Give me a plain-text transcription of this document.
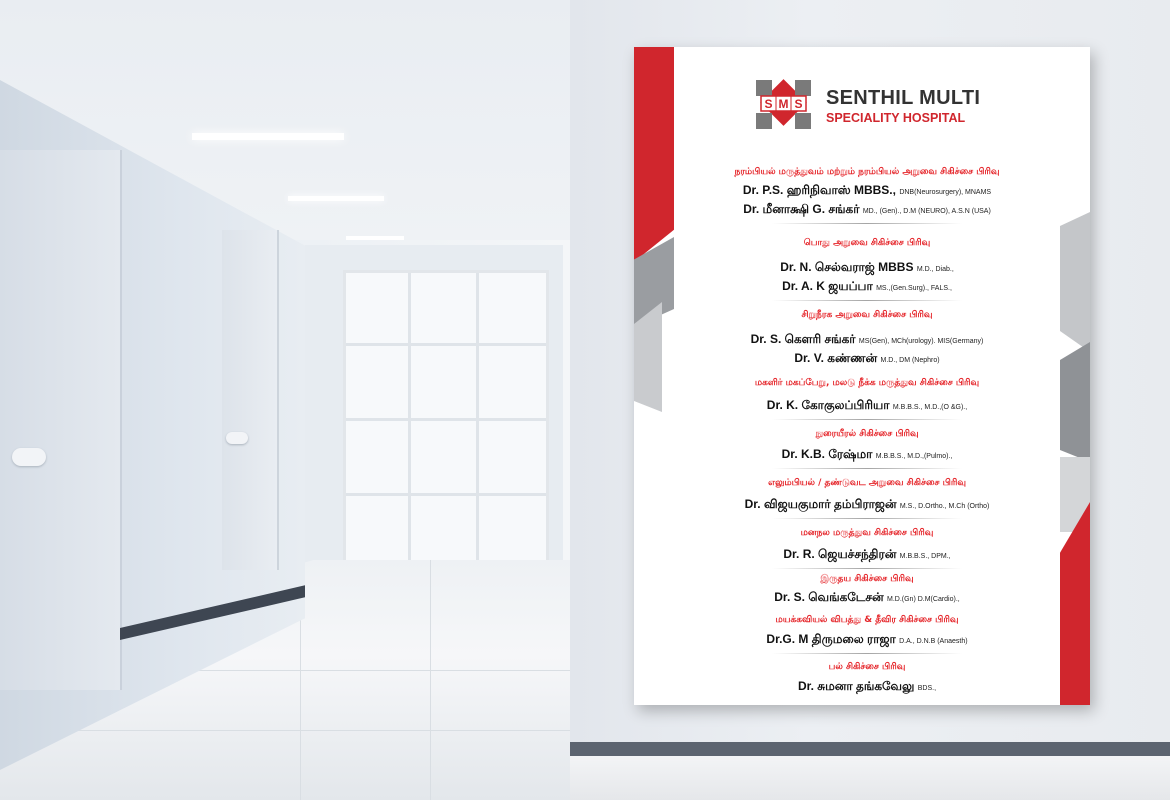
S M S SENTHIL MULTI
SPECIALITY HOSPITAL
நரம்பியல் மருத்துவம் மற்றும் நரம்பியல் அறுவை சிகிச்சை பிரிவு
Dr. P.S. ஹரிநிவாஸ் MBBS., DNB(Neurosurgery), MNAMS
Dr. மீனாக்ஷி G. சங்கர் MD., (Gen)., D.M (NEURO), A.S.N (USA)
பொது அறுவை சிகிச்சை பிரிவு
Dr. N. செல்வராஜ் MBBS M.D., Diab.,
Dr. A. K ஜயப்பா MS.,(Gen.Surg)., FALS.,
சிறுநீரக அறுவை சிகிச்சை பிரிவு
Dr. S. கௌரி சங்கர் MS(Gen), MCh(urology). MIS(Germany)
Dr. V. கண்ணன் M.D., DM (Nephro)
மகளிர் மகப்பேறு, மலடு நீக்க மருத்துவ சிகிச்சை பிரிவு
Dr. K. கோகுலப்பிரியா M.B.B.S., M.D.,(O &G).,
நுரையீரல் சிகிச்சை பிரிவு
Dr. K.B. ரேஷ்மா M.B.B.S., M.D.,(Pulmo).,
எலும்பியல் / தண்டுவட அறுவை சிகிச்சை பிரிவு
Dr. விஜயகுமார் தம்பிராஜன் M.S., D.Ortho., M.Ch (Ortho)
மனநல மருத்துவ சிகிச்சை பிரிவு
Dr. R. ஜெயச்சந்திரன் M.B.B.S., DPM.,
இருதய சிகிச்சை பிரிவு
Dr. S. வெங்கடேசன் M.D.(Gn) D.M(Cardio).,
மயக்கவியல் விபத்து & தீவிர சிகிச்சை பிரிவு
Dr.G. M திருமலை ராஜா D.A., D.N.B (Anaesth)
பல் சிகிச்சை பிரிவு
Dr. சுமனா தங்கவேலு BDS.,
